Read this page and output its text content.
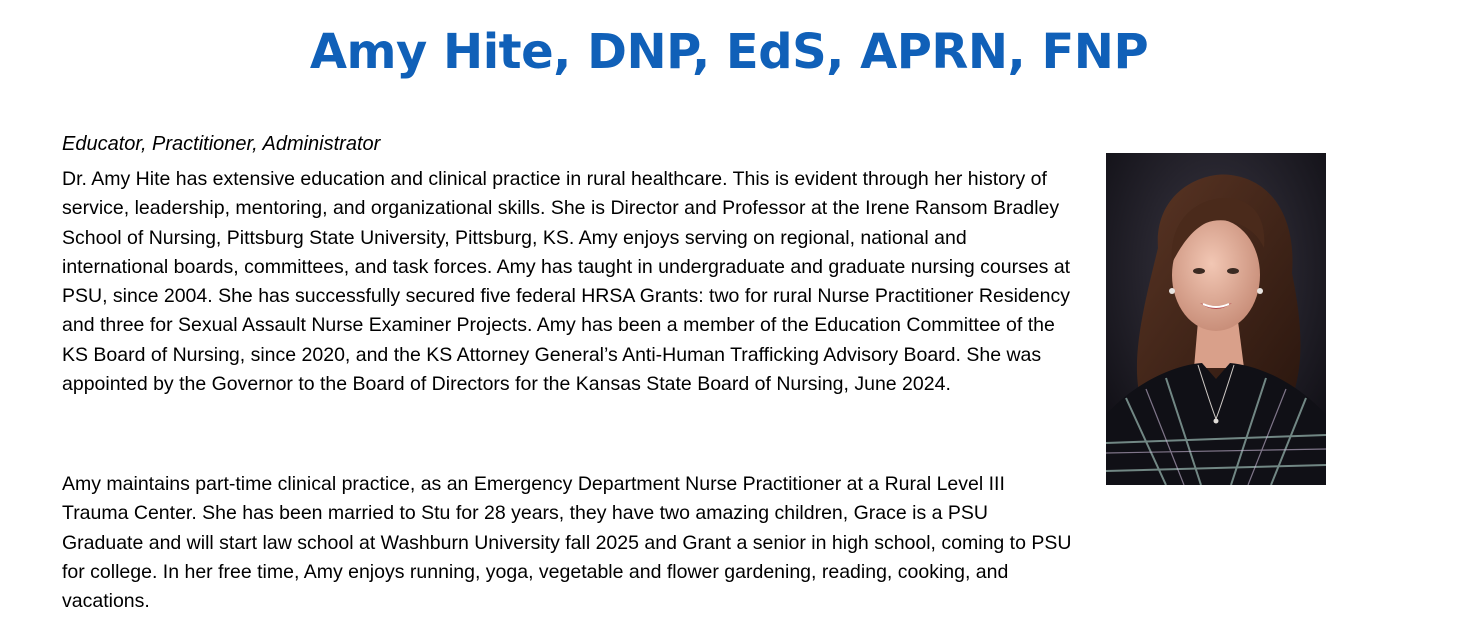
Amy Hite, DNP, EdS, APRN, FNP

Educator, Practitioner, Administrator

Dr. Amy Hite has extensive education and clinical practice in rural healthcare. This is evident through her history of service, leadership, mentoring, and organizational skills. She is Director and Professor at the Irene Ransom Bradley School of Nursing, Pittsburg State University, Pittsburg, KS. Amy enjoys serving on regional, national and international boards, committees, and task forces. Amy has taught in undergraduate and graduate nursing courses at PSU, since 2004. She has successfully secured five federal HRSA Grants: two for rural Nurse Practitioner Residency and three for Sexual Assault Nurse Examiner Projects. Amy has been a member of the Education Committee of the KS Board of Nursing, since 2020, and the KS Attorney General’s Anti-Human Trafficking Advisory Board. She was appointed by the Governor to the Board of Directors for the Kansas State Board of Nursing, June 2024.

Amy maintains part-time clinical practice, as an Emergency Department Nurse Practitioner at a Rural Level III Trauma Center. She has been married to Stu for 28 years, they have two amazing children, Grace is a PSU Graduate and will start law school at Washburn University fall 2025 and Grant a senior in high school, coming to PSU for college. In her free time, Amy enjoys running, yoga, vegetable and flower gardening, reading, cooking, and vacations.
